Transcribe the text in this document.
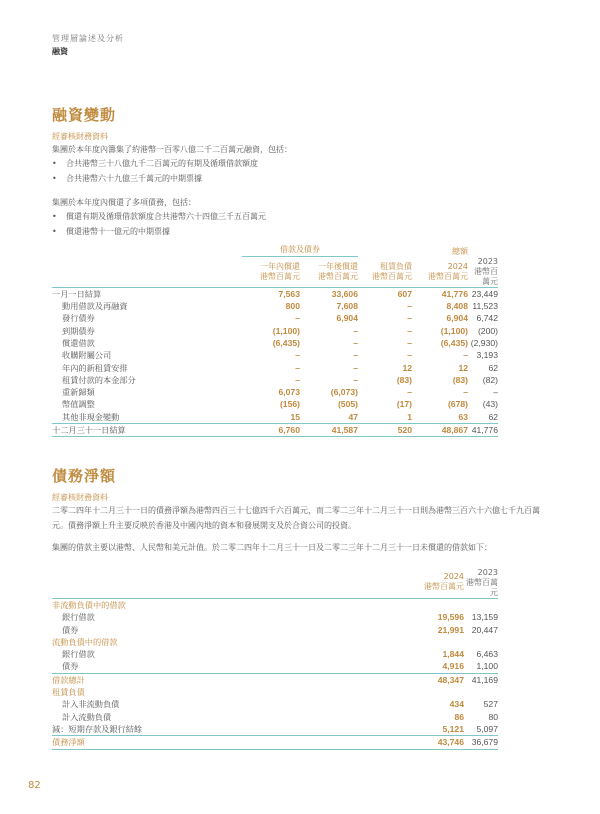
管理層論述及分析
融資
融資變動
經審核財務資料
集團於本年度內籌集了約港幣一百零八億二千二百萬元融資，包括：
•	合共港幣三十八億九千二百萬元的有期及循環借款額度
•	合共港幣六十九億三千萬元的中期票據
集團於本年度內償還了多項債務，包括：
•	償還有期及循環借款額度合共港幣六十四億三千五百萬元
•	償還港幣十一億元的中期票據
	借款及債券			總額	

一年內償還
港幣百萬元

一年後償還
港幣百萬元

租賃負債
港幣百萬元

2024
港幣百萬元

2023
港幣百萬元

一月一日結算	7,563	33,606	607	41,776	23,449
動用借款及再融資	800	7,608	–	8,408	11,523
發行債券	–	6,904	–	6,904	6,742
到期債券	(1,100)	–	–	(1,100)	(200)
償還借款	(6,435)	–	–	(6,435)	(2,930)
收購附屬公司	–	–	–	–	3,193
年內的新租賃安排	–	–	12	12	62
租賃付款的本金部分	–	–	(83)	(83)	(82)
重新歸類	6,073	(6,073)	–	–	–
幣值調整	(156)	(505)	(17)	(678)	(43)
其他非現金變動	15	47	1	63	62
十二月三十一日結算	6,760	41,587	520	48,867	41,776
債務淨額
經審核財務資料
二零二四年十二月三十一日的債務淨額為港幣四百三十七億四千六百萬元，而二零二三年十二月三十一日則為港幣三百六十六億七千九百萬元。債務淨額上升主要反映於香港及中國內地的資本和發展開支及於合資公司的投資。
集團的借款主要以港幣、人民幣和美元計值。於二零二四年十二月三十一日及二零二三年十二月三十一日未償還的借款如下：

2024
港幣百萬元

2023
港幣百萬元

非流動負債中的借款		
銀行借款	19,596	13,159
債券	21,991	20,447
流動負債中的借款		
銀行借款	1,844	6,463
債券	4,916	1,100
借款總計	48,347	41,169
租賃負債		
計入非流動負債	434	527
計入流動負債	86	80
減：短期存款及銀行結餘	5,121	5,097
債務淨額	43,746	36,679
82
